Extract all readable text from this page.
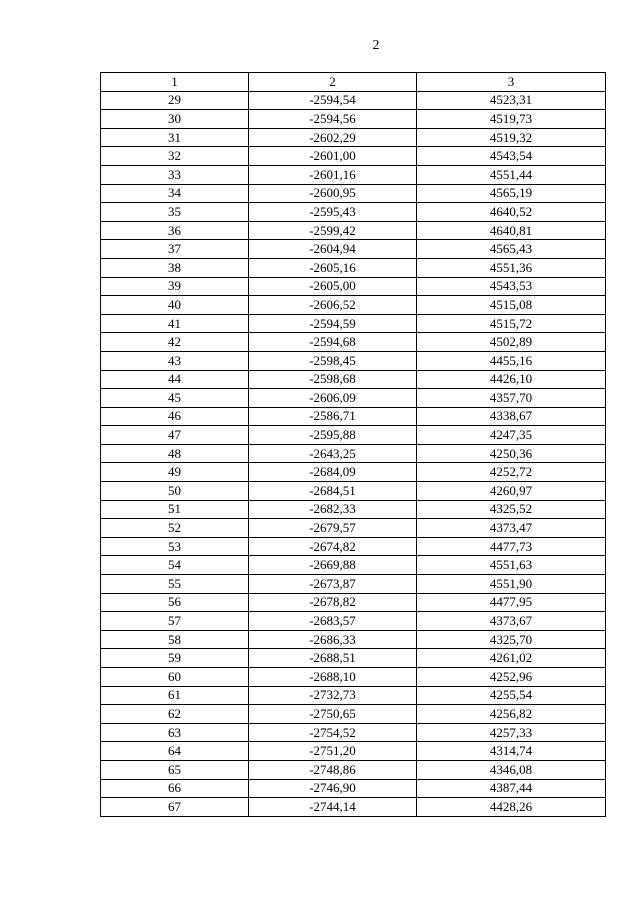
2
1	2	3
29	-2594,54	4523,31
30	-2594,56	4519,73
31	-2602,29	4519,32
32	-2601,00	4543,54
33	-2601,16	4551,44
34	-2600,95	4565,19
35	-2595,43	4640,52
36	-2599,42	4640,81
37	-2604,94	4565,43
38	-2605,16	4551,36
39	-2605,00	4543,53
40	-2606,52	4515,08
41	-2594,59	4515,72
42	-2594,68	4502,89
43	-2598,45	4455,16
44	-2598,68	4426,10
45	-2606,09	4357,70
46	-2586,71	4338,67
47	-2595,88	4247,35
48	-2643,25	4250,36
49	-2684,09	4252,72
50	-2684,51	4260,97
51	-2682,33	4325,52
52	-2679,57	4373,47
53	-2674,82	4477,73
54	-2669,88	4551,63
55	-2673,87	4551,90
56	-2678,82	4477,95
57	-2683,57	4373,67
58	-2686,33	4325,70
59	-2688,51	4261,02
60	-2688,10	4252,96
61	-2732,73	4255,54
62	-2750,65	4256,82
63	-2754,52	4257,33
64	-2751,20	4314,74
65	-2748,86	4346,08
66	-2746,90	4387,44
67	-2744,14	4428,26
